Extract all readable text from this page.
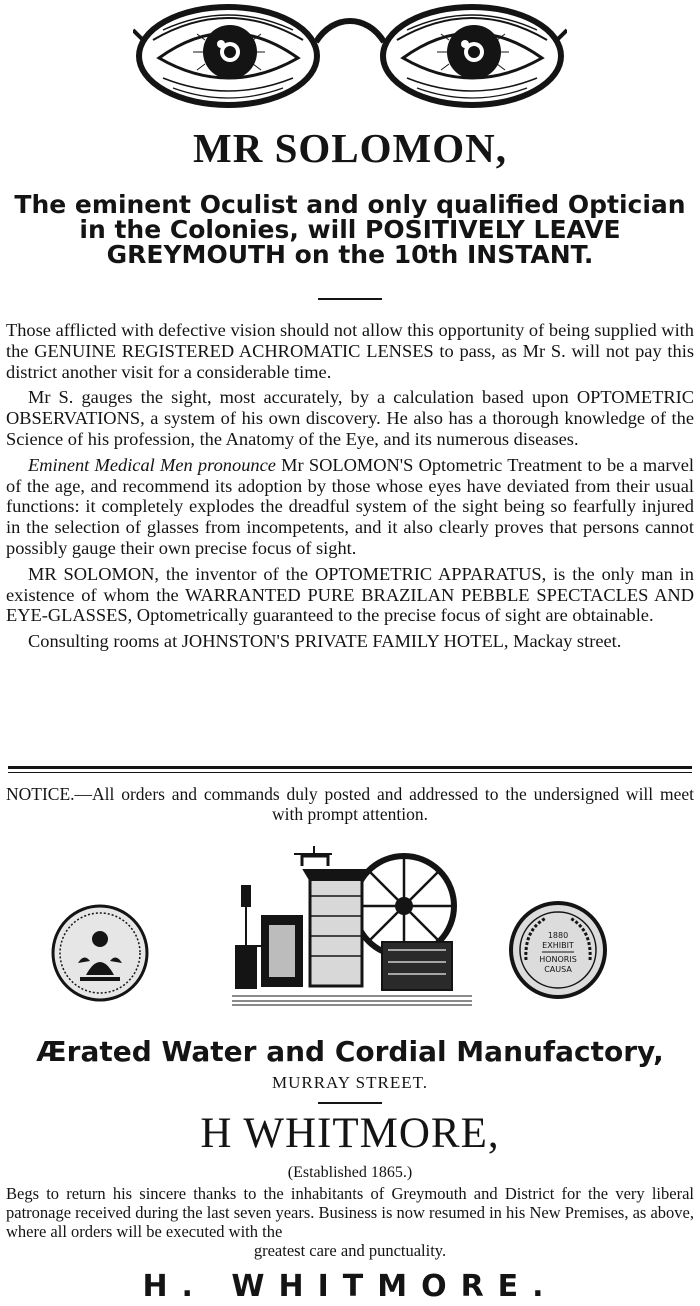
MR SOLOMON,
The eminent Oculist and only qualified Optician
in the Colonies, will POSITIVELY LEAVE
GREYMOUTH on the 10th INSTANT.

Those afflicted with defective vision should not allow this opportunity of being supplied with the GENUINE REGISTERED ACHROMATIC LENSES to pass, as Mr S. will not pay this district another visit for a considerable time.

Mr S. gauges the sight, most accurately, by a calculation based upon OPTOMETRIC OBSERVATIONS, a system of his own discovery. He also has a thorough knowledge of the Science of his profession, the Anatomy of the Eye, and its numerous diseases.

Eminent Medical Men pronounce Mr SOLOMON'S Optometric Treatment to be a marvel of the age, and recommend its adoption by those whose eyes have deviated from their usual functions: it completely explodes the dreadful system of the sight being so fearfully injured in the selection of glasses from incompetents, and it also clearly proves that persons cannot possibly gauge their own precise focus of sight.

MR SOLOMON, the inventor of the OPTOMETRIC APPARATUS, is the only man in existence of whom the WARRANTED PURE BRAZILAN PEBBLE SPECTACLES AND EYE-GLASSES, Optometrically guaranteed to the precise focus of sight are obtainable.

Consulting rooms at JOHNSTON'S PRIVATE FAMILY HOTEL, Mackay street.

NOTICE.—All orders and commands duly posted and addressed to the undersigned will meet with prompt attention.
1880
EXHIBIT
HONORIS
CAUSA
Ærated Water and Cordial Manufactory,
MURRAY STREET.
H WHITMORE,
(Established 1865.)
Begs to return his sincere thanks to the inhabitants of Greymouth and District for the very liberal patronage received during the last seven years. Business is now resumed in his New Premises, as above, where all orders will be executed with the
greatest care and punctuality.
H. WHITMORE.
